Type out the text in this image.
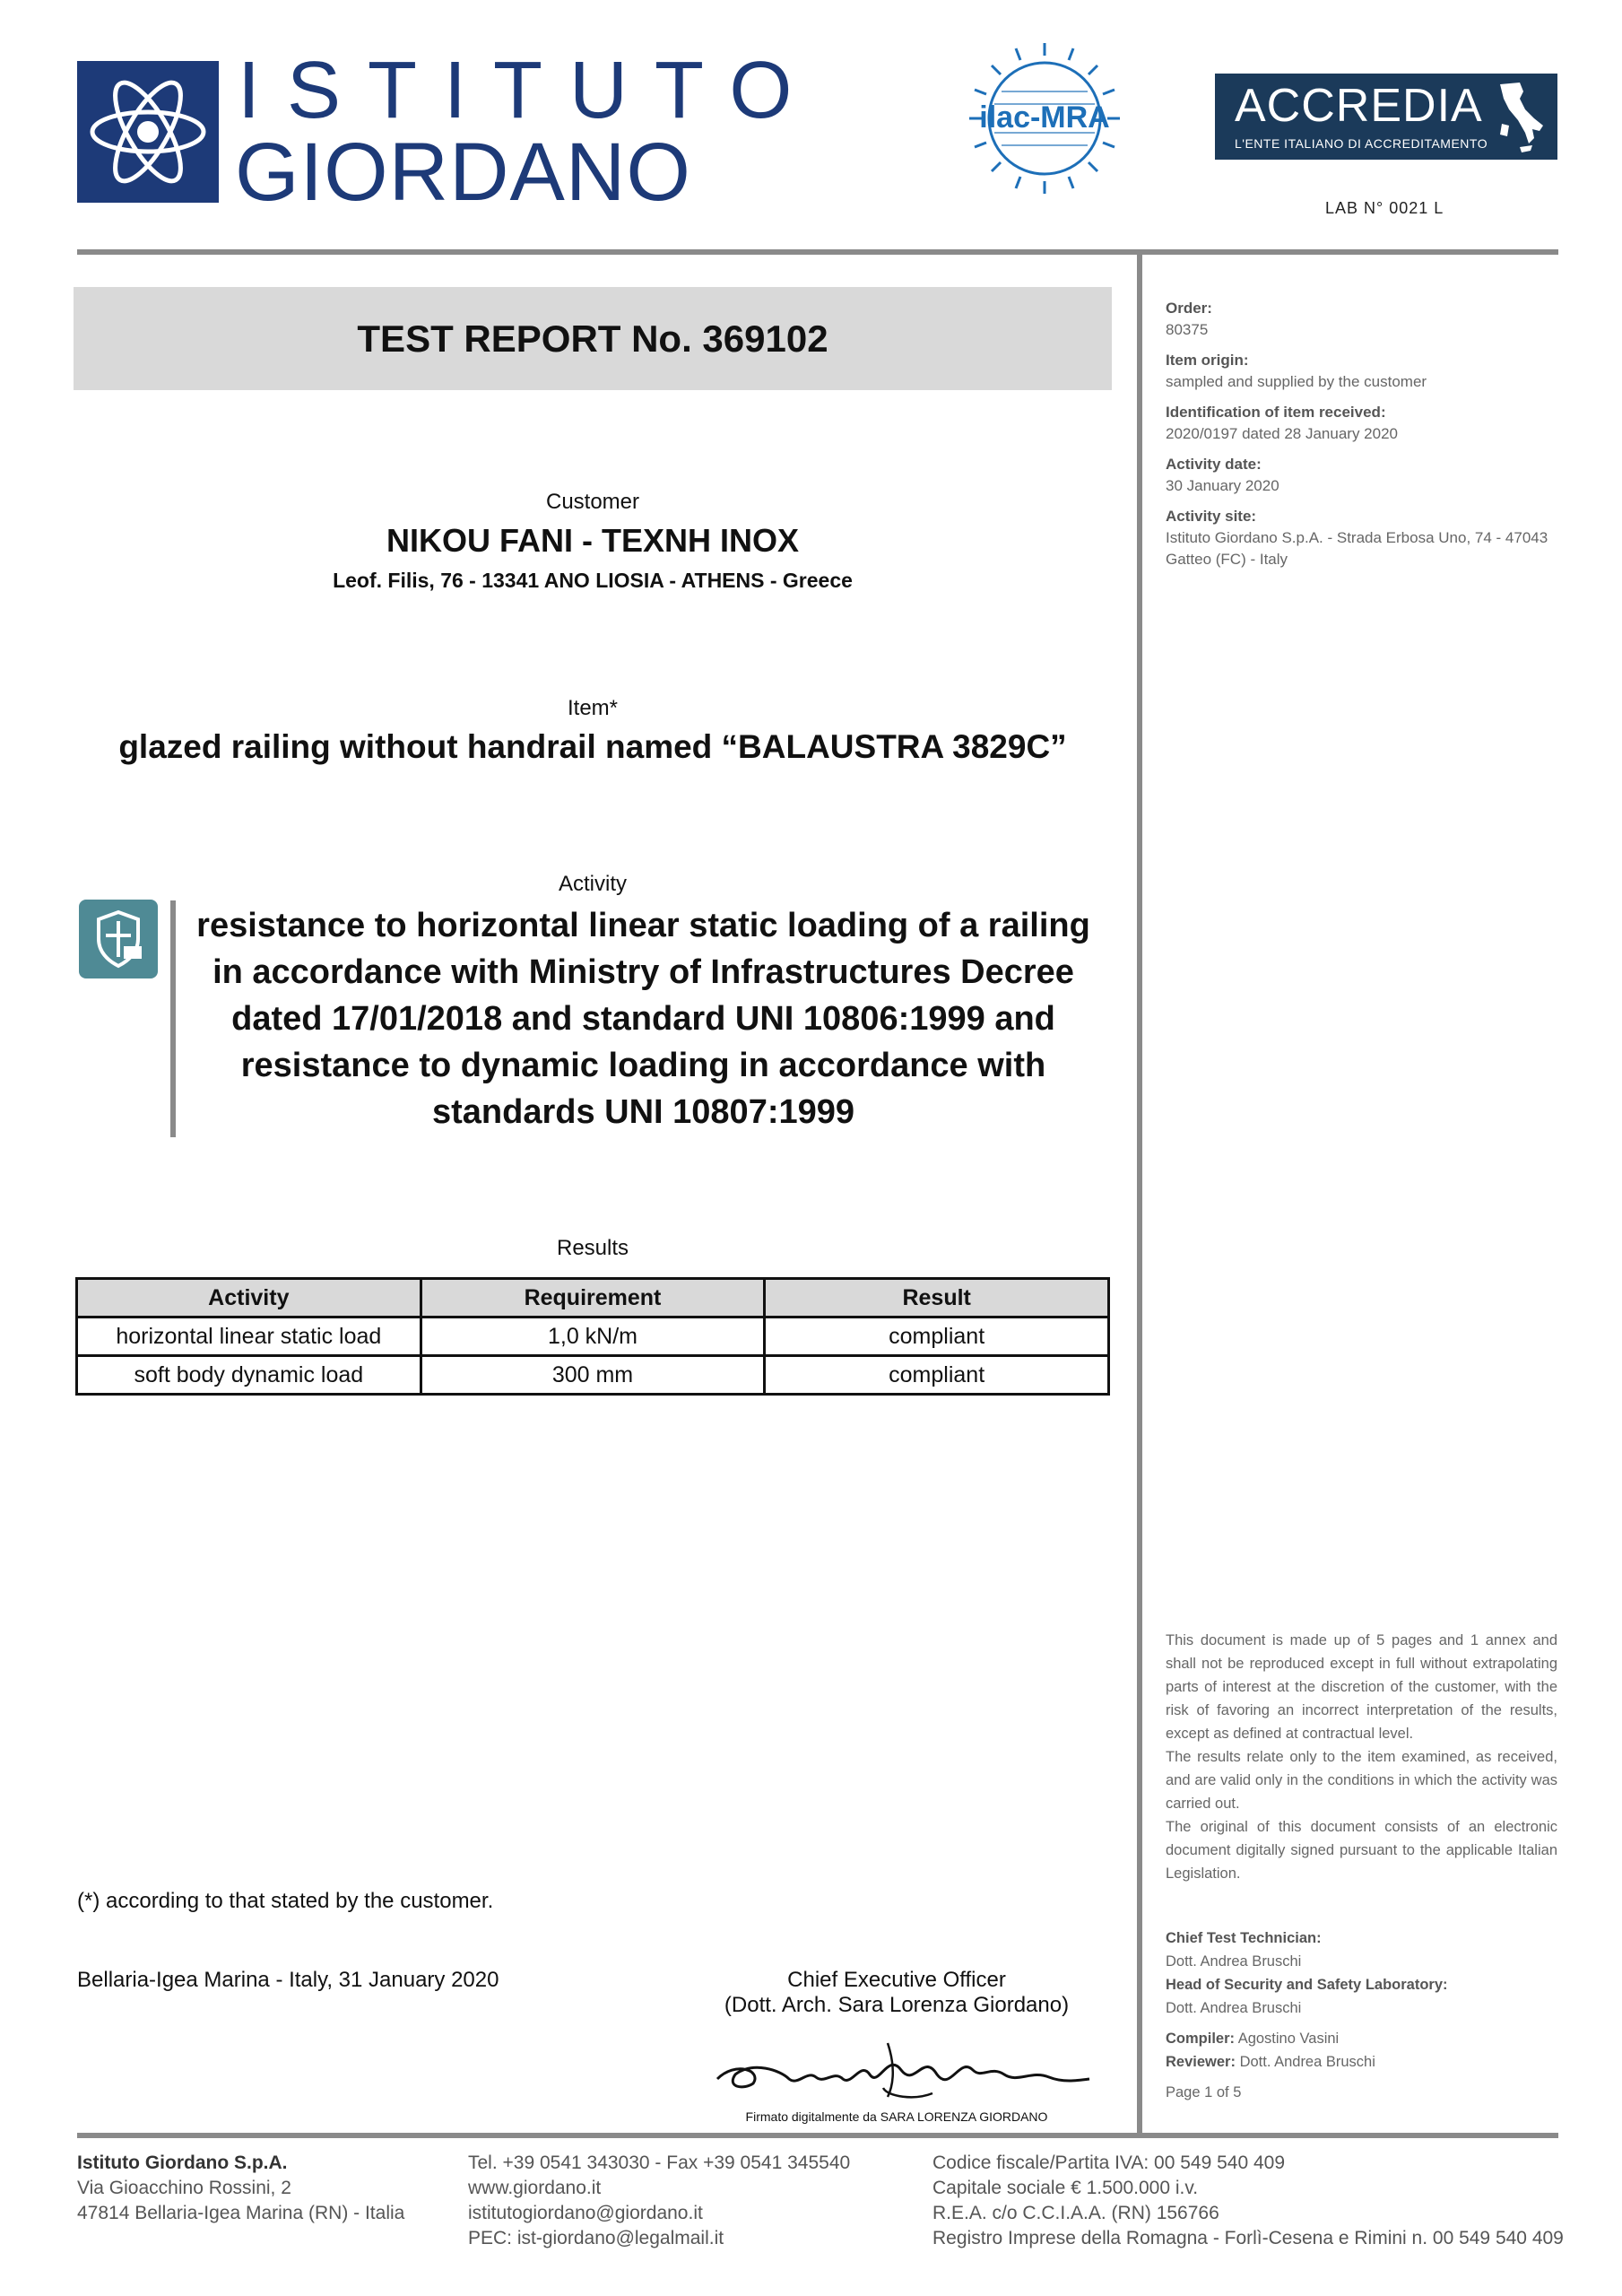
ISTITUTO
GIORDANO
ilac-MRA	ACCREDIA
L'ENTE ITALIANO DI ACCREDITAMENTO
LAB N° 0021 L
TEST REPORT No. 369102
Customer
NIKOU FANI - TEXNH INOX
Leof. Filis, 76 - 13341 ANO LIOSIA - ATHENS - Greece
Item*
glazed railing without handrail named “BALAUSTRA 3829C”
Activity
resistance to horizontal linear static loading of a railing in accordance with Ministry of Infrastructures Decree dated 17/01/2018 and standard UNI 10806:1999 and resistance to dynamic loading in accordance with standards UNI 10807:1999
Results
Activity	Requirement	Result
horizontal linear static load	1,0 kN/m	compliant
soft body dynamic load	300 mm	compliant
(*) according to that stated by the customer.
Bellaria-Igea Marina - Italy, 31 January 2020	Chief Executive Officer
(Dott. Arch. Sara Lorenza Giordano)
Firmato digitalmente da SARA LORENZA GIORDANO
Order:
80375
Item origin:
sampled and supplied by the customer
Identification of item received:
2020/0197 dated 28 January 2020
Activity date:
30 January 2020
Activity site:
Istituto Giordano S.p.A. - Strada Erbosa Uno, 74 - 47043 Gatteo (FC) - Italy

This document is made up of 5 pages and 1 annex and shall not be reproduced except in full without extrapolating parts of interest at the discretion of the customer, with the risk of favoring an incorrect interpretation of the results, except as defined at contractual level.

The results relate only to the item examined, as received, and are valid only in the conditions in which the activity was carried out.

The original of this document consists of an electronic document digitally signed pursuant to the applicable Italian Legislation.

Chief Test Technician:
Dott. Andrea Bruschi
Head of Security and Safety Laboratory:
Dott. Andrea Bruschi
Compiler: Agostino Vasini
Reviewer: Dott. Andrea Bruschi
Page 1 of 5
Istituto Giordano S.p.A.
Via Gioacchino Rossini, 2
47814 Bellaria-Igea Marina (RN) - Italia
Tel. +39 0541 343030 - Fax +39 0541 345540
www.giordano.it
istitutogiordano@giordano.it
PEC: ist-giordano@legalmail.it
Codice fiscale/Partita IVA: 00 549 540 409
Capitale sociale € 1.500.000 i.v.
R.E.A. c/o C.C.I.A.A. (RN) 156766
Registro Imprese della Romagna - Forlì-Cesena e Rimini n. 00 549 540 409
